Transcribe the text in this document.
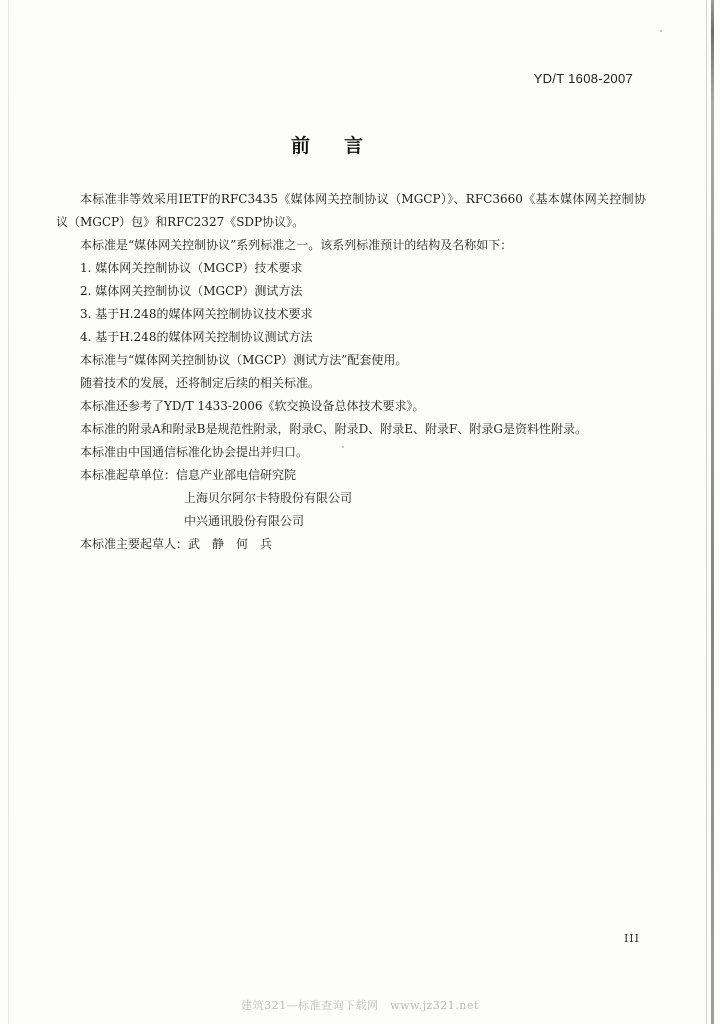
YD/T 1608-2007
前言

本标准非等效采用IETF的RFC3435《媒体网关控制协议（MGCP）》、RFC3660《基本媒体网关控制协议（MGCP）包》和RFC2327《SDP协议》。

本标准是“媒体网关控制协议”系列标准之一。该系列标准预计的结构及名称如下：

1. 媒体网关控制协议（MGCP）技术要求

2. 媒体网关控制协议（MGCP）测试方法

3. 基于H.248的媒体网关控制协议技术要求

4. 基于H.248的媒体网关控制协议测试方法

本标准与“媒体网关控制协议（MGCP）测试方法”配套使用。

随着技术的发展，还将制定后续的相关标准。

本标准还参考了YD/T 1433-2006《软交换设备总体技术要求》。

本标准的附录A和附录B是规范性附录，附录C、附录D、附录E、附录F、附录G是资料性附录。

本标准由中国通信标准化协会提出并归口。

本标准起草单位：信息产业部电信研究院

上海贝尔阿尔卡特股份有限公司

中兴通讯股份有限公司

本标准主要起草人：武　静　何　兵

III
建筑321—标准查询下载网　www.jz321.net
